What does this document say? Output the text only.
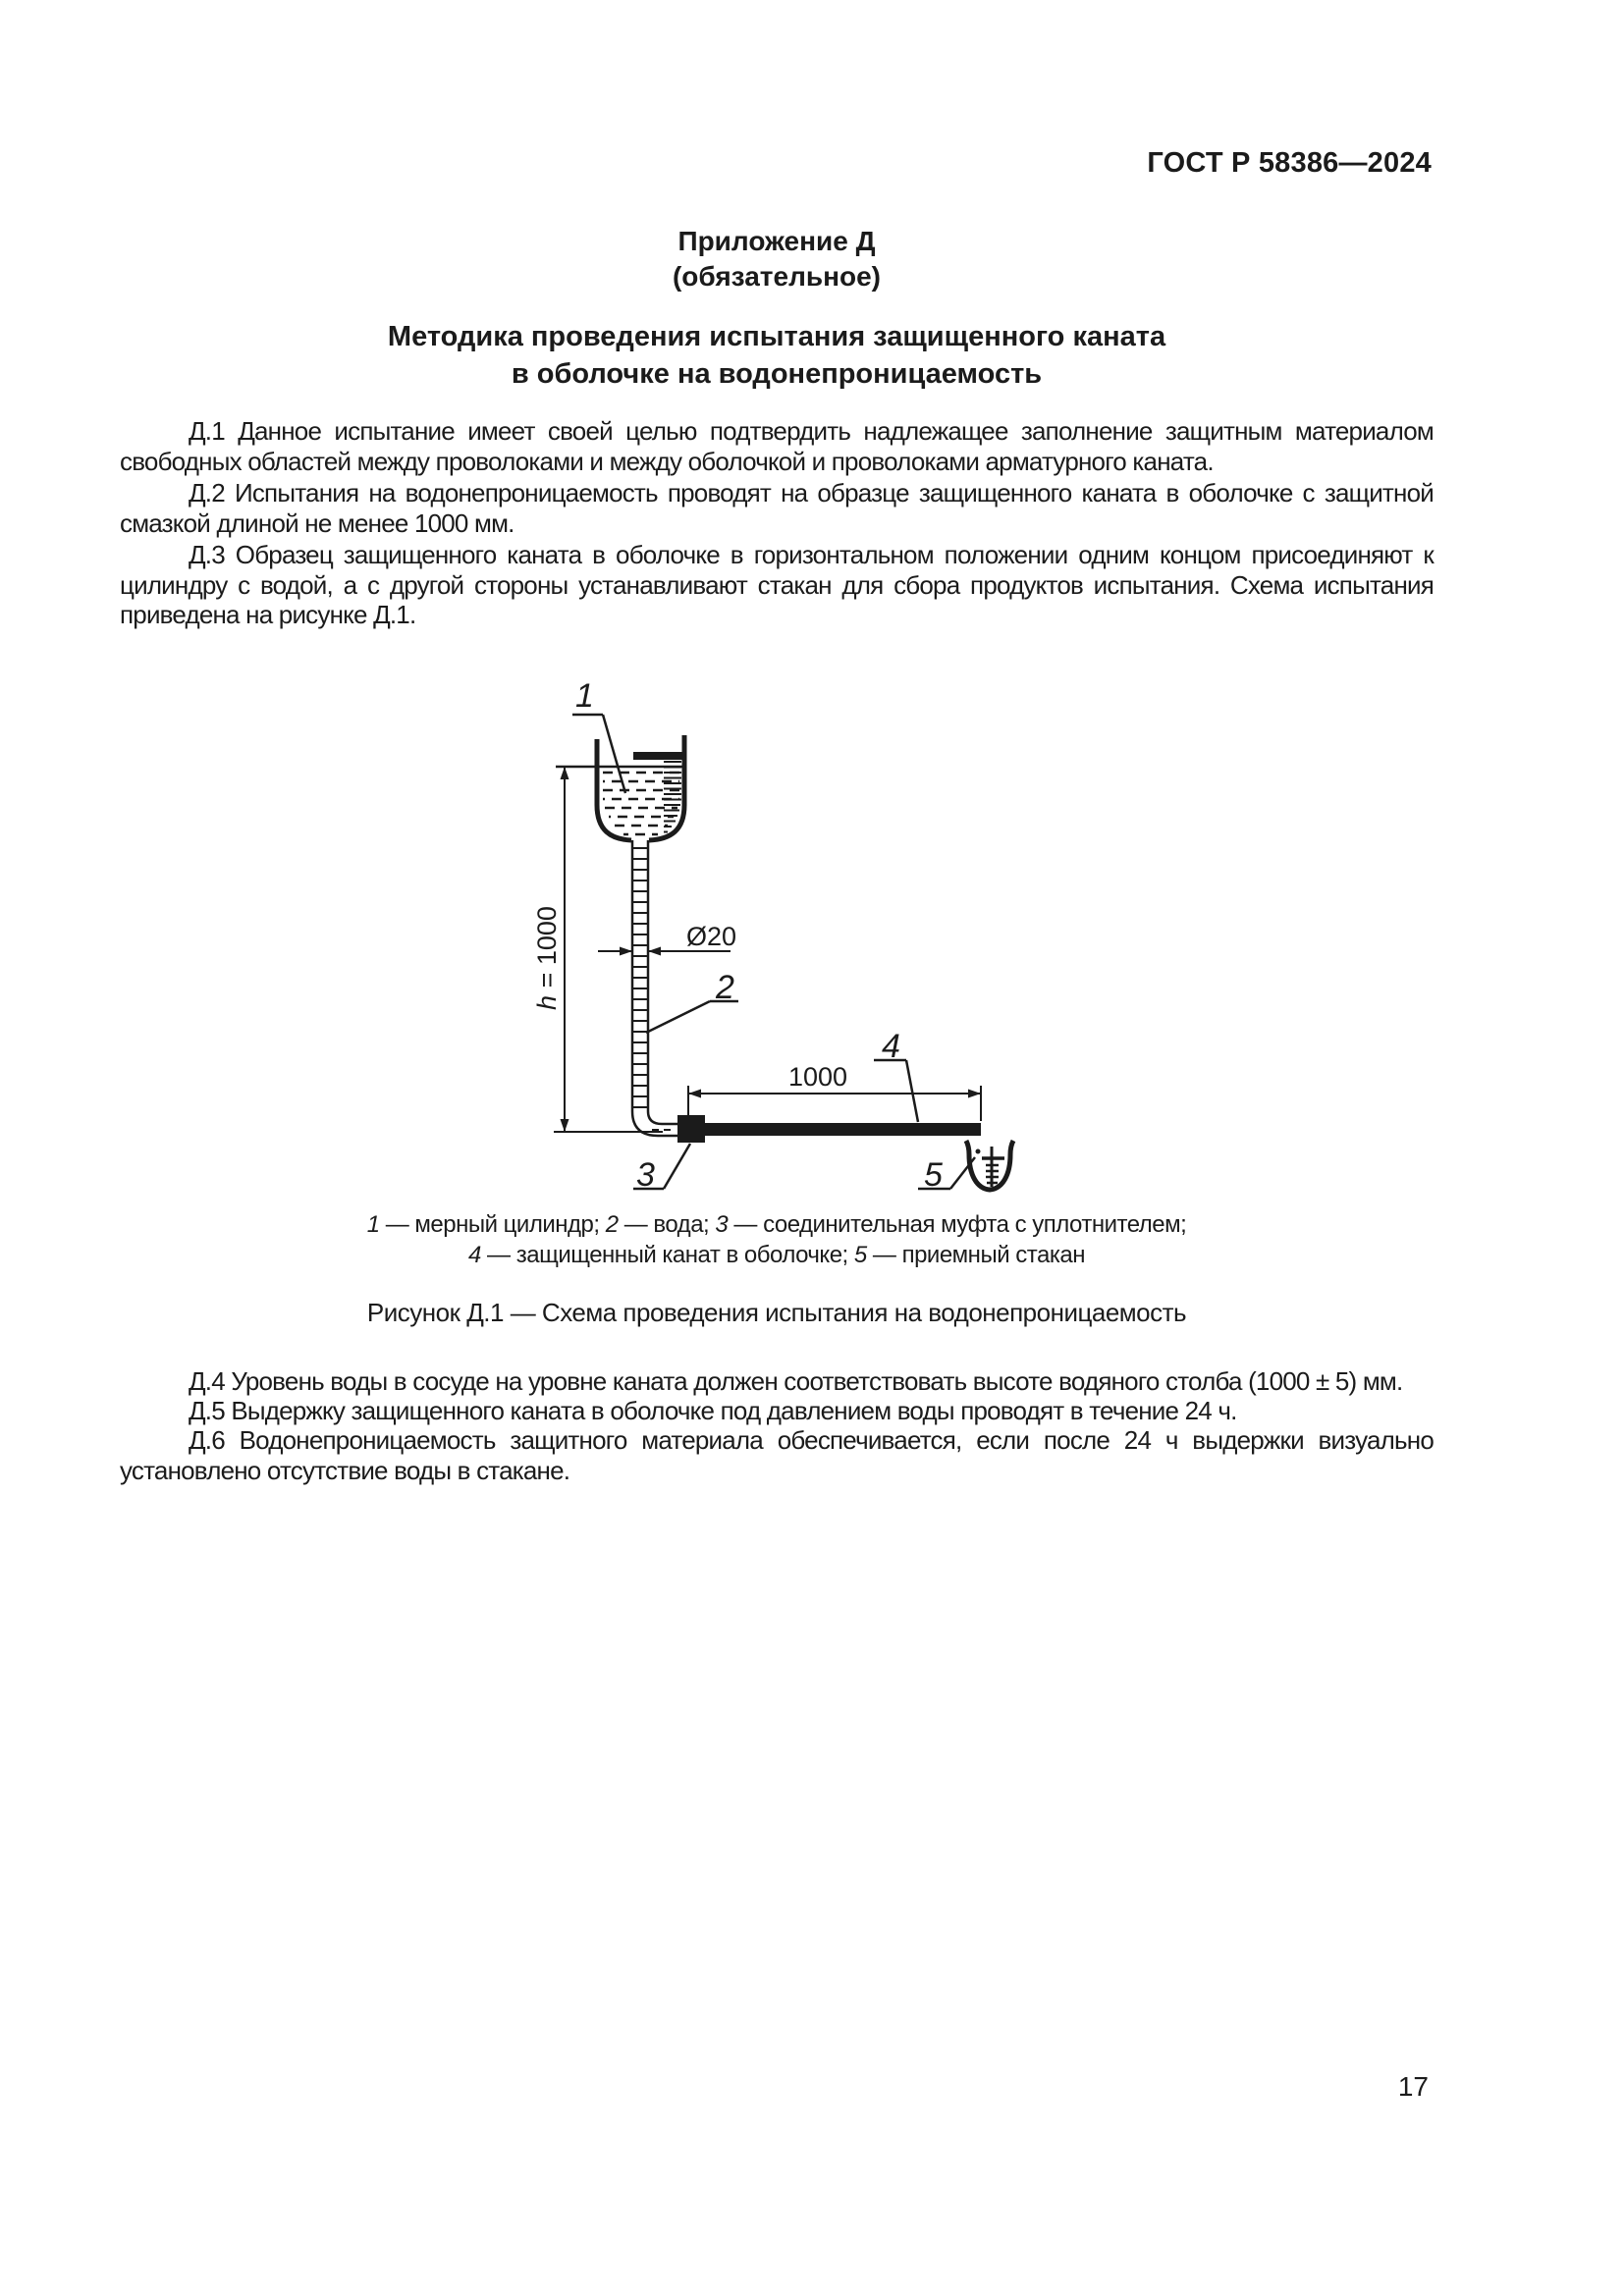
ГОСТ Р 58386—2024
Приложение Д
(обязательное)
Методика проведения испытания защищенного каната
в оболочке на водонепроницаемость
Д.1 Данное испытание имеет своей целью подтвердить надлежащее заполнение защитным материалом свободных областей между проволоками и между оболочкой и проволоками арматурного каната.
Д.2 Испытания на водонепроницаемость проводят на образце защищенного каната в оболочке с защитной смазкой длиной не менее 1000 мм.
Д.3 Образец защищенного каната в оболочке в горизонтальном положении одним концом присоединяют к цилиндру с водой, а с другой стороны устанавливают стакан для сбора продуктов испытания. Схема испытания приведена на рисунке Д.1.
h = 1000	Ø20
1000
1
2
3
4
5
1 — мерный цилиндр; 2 — вода; 3 — соединительная муфта с уплотнителем;
4 — защищенный канат в оболочке; 5 — приемный стакан
Рисунок Д.1 — Схема проведения испытания на водонепроницаемость
Д.4 Уровень воды в сосуде на уровне каната должен соответствовать высоте водяного столба (1000 ± 5) мм.
Д.5 Выдержку защищенного каната в оболочке под давлением воды проводят в течение 24 ч.
Д.6 Водонепроницаемость защитного материала обеспечивается, если после 24 ч выдержки визуально установлено отсутствие воды в стакане.
17
